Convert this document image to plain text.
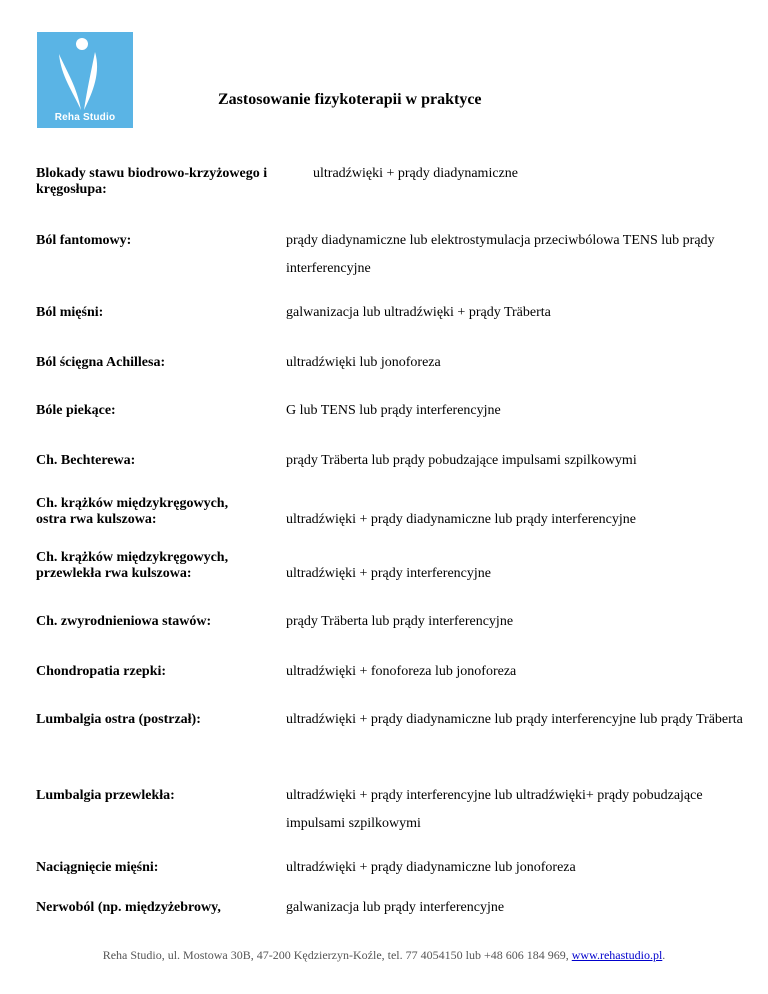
Reha Studio
Zastosowanie fizykoterapii w praktyce
Blokady stawu biodrowo-krzyżowego i kręgosłupa:
ultradźwięki + prądy diadynamiczne
Ból fantomowy:	prądy diadynamiczne lub elektrostymulacja przeciwbólowa TENS lub prądy interferencyjne
Ból mięśni:	galwanizacja lub ultradźwięki + prądy Träberta
Ból ścięgna Achillesa:	ultradźwięki lub jonoforeza
Bóle piekące:	G lub TENS lub prądy interferencyjne
Ch. Bechterewa:	prądy Träberta lub prądy pobudzające impulsami szpilkowymi
Ch. krążków międzykręgowych, ostra rwa kulszowa:	ultradźwięki + prądy diadynamiczne lub prądy interferencyjne
Ch. krążków międzykręgowych, przewlekła rwa kulszowa:	ultradźwięki + prądy interferencyjne
Ch. zwyrodnieniowa stawów:	prądy Träberta lub prądy interferencyjne
Chondropatia rzepki:	ultradźwięki + fonoforeza lub jonoforeza
Lumbalgia ostra (postrzał):	ultradźwięki + prądy diadynamiczne lub prądy interferencyjne lub prądy Träberta
Lumbalgia przewlekła:	ultradźwięki + prądy interferencyjne lub ultradźwięki+ prądy pobudzające impulsami szpilkowymi
Naciągnięcie mięśni:	ultradźwięki + prądy diadynamiczne lub jonoforeza
Nerwoból (np. międzyżebrowy,	galwanizacja lub prądy interferencyjne
Reha Studio, ul. Mostowa 30B, 47-200 Kędzierzyn-Koźle, tel. 77 4054150 lub +48 606 184 969, www.rehastudio.pl.
